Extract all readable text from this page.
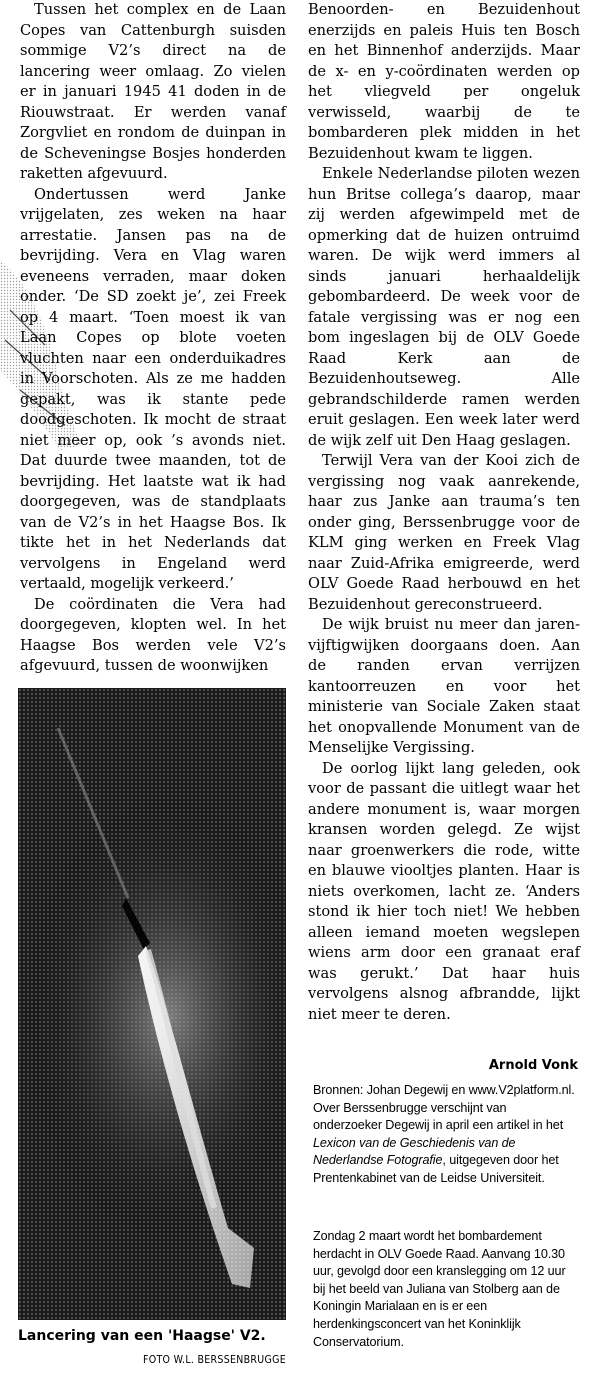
Tussen het complex en de Laan Copes van Cattenburgh suisden sommige V2’s direct na de lancering weer omlaag. Zo vielen er in januari 1945 41 doden in de Riouwstraat. Er werden vanaf Zorgvliet en rondom de duinpan in de Scheveningse Bosjes honderden raketten afgevuurd.

Ondertussen werd Janke vrijgelaten, zes weken na haar arrestatie. Jansen pas na de bevrijding. Vera en Vlag waren eveneens verraden, maar doken onder. ‘De SD zoekt je’, zei Freek op 4 maart. ‘Toen moest ik van Laan Copes op blote voeten vluchten naar een onderduikadres in Voorschoten. Als ze me hadden gepakt, was ik stante pede doodgeschoten. Ik mocht de straat niet meer op, ook ’s avonds niet. Dat duurde twee maanden, tot de bevrijding. Het laatste wat ik had doorgegeven, was de standplaats van de V2’s in het Haagse Bos. Ik tikte het in het Nederlands dat vervolgens in Engeland werd vertaald, mogelijk verkeerd.’

De coördinaten die Vera had doorgegeven, klopten wel. In het Haagse Bos werden vele V2’s afgevuurd, tussen de woonwijken

Benoorden- en Bezuidenhout enerzijds en paleis Huis ten Bosch en het Binnenhof anderzijds. Maar de x- en y-coördinaten werden op het vliegveld per ongeluk verwisseld, waarbij de te bombarderen plek midden in het Bezuidenhout kwam te liggen.

Enkele Nederlandse piloten wezen hun Britse collega’s daarop, maar zij werden afgewimpeld met de opmerking dat de huizen ontruimd waren. De wijk werd immers al sinds januari herhaaldelijk gebombardeerd. De week voor de fatale vergissing was er nog een bom ingeslagen bij de OLV Goede Raad Kerk aan de Bezuidenhoutseweg. Alle gebrandschilderde ramen werden eruit geslagen. Een week later werd de wijk zelf uit Den Haag geslagen.

Terwijl Vera van der Kooi zich de vergissing nog vaak aanrekende, haar zus Janke aan trauma’s ten onder ging, Berssenbrugge voor de KLM ging werken en Freek Vlag naar Zuid-Afrika emigreerde, werd OLV Goede Raad herbouwd en het Bezuidenhout gereconstrueerd.

De wijk bruist nu meer dan jaren-vijftigwijken doorgaans doen. Aan de randen ervan verrijzen kantoorreuzen en voor het ministerie van Sociale Zaken staat het onopvallende Monument van de Menselijke Vergissing.

De oorlog lijkt lang geleden, ook voor de passant die uitlegt waar het andere monument is, waar morgen kransen worden gelegd. Ze wijst naar groenwerkers die rode, witte en blauwe viooltjes planten. Haar is niets overkomen, lacht ze. ‘Anders stond ik hier toch niet! We hebben alleen iemand moeten wegslepen wiens arm door een granaat eraf was gerukt.’ Dat haar huis vervolgens alsnog afbrandde, lijkt niet meer te deren.

Lancering van een 'Haagse' V2.
FOTO W.L. BERSSENBRUGGE
Arnold Vonk

Bronnen: Johan Degewij en www.V2platform.nl. Over Berssenbrugge verschijnt van onderzoeker Degewij in april een artikel in het Lexicon van de Geschiedenis van de Nederlandse Fotografie, uitgegeven door het Prentenkabinet van de Leidse Universiteit.

Zondag 2 maart wordt het bombardement herdacht in OLV Goede Raad. Aanvang 10.30 uur, gevolgd door een kranslegging om 12 uur bij het beeld van Juliana van Stolberg aan de Koningin Marialaan en is er een herdenkingsconcert van het Koninklijk Conservatorium.
